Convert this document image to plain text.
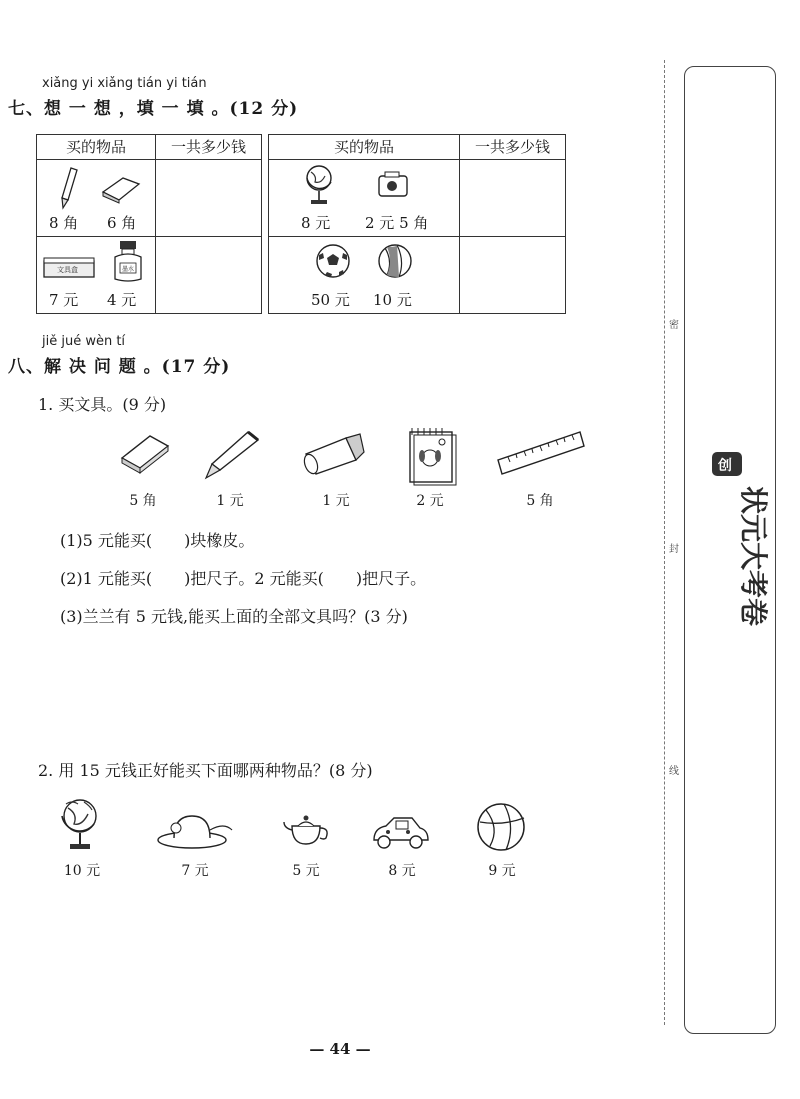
xiǎng yi xiǎng tián yi tián
七、想 一 想 ，填 一 填 。(12 分)
买的物品	一共多少钱

8 角 6 角	

文具盒 墨水
7 元 4 元	

买的物品	一共多少钱

8 元 2 元 5 角	

50 元 10 元	

jiě jué wèn tí
八、解 决 问 题 。(17 分)
1. 买文具。(9 分)
5 角	1 元	1 元	2 元	5 角
(1)5 元能买(　　)块橡皮。
(2)1 元能买(　　)把尺子。2 元能买(　　)把尺子。
(3)兰兰有 5 元钱,能买上面的全部文具吗？(3 分)
2. 用 15 元钱正好能买下面哪两种物品？(8 分)
10 元	7 元	5 元	8 元	9 元
— 44 —
密
封
线
创
状元大考卷
